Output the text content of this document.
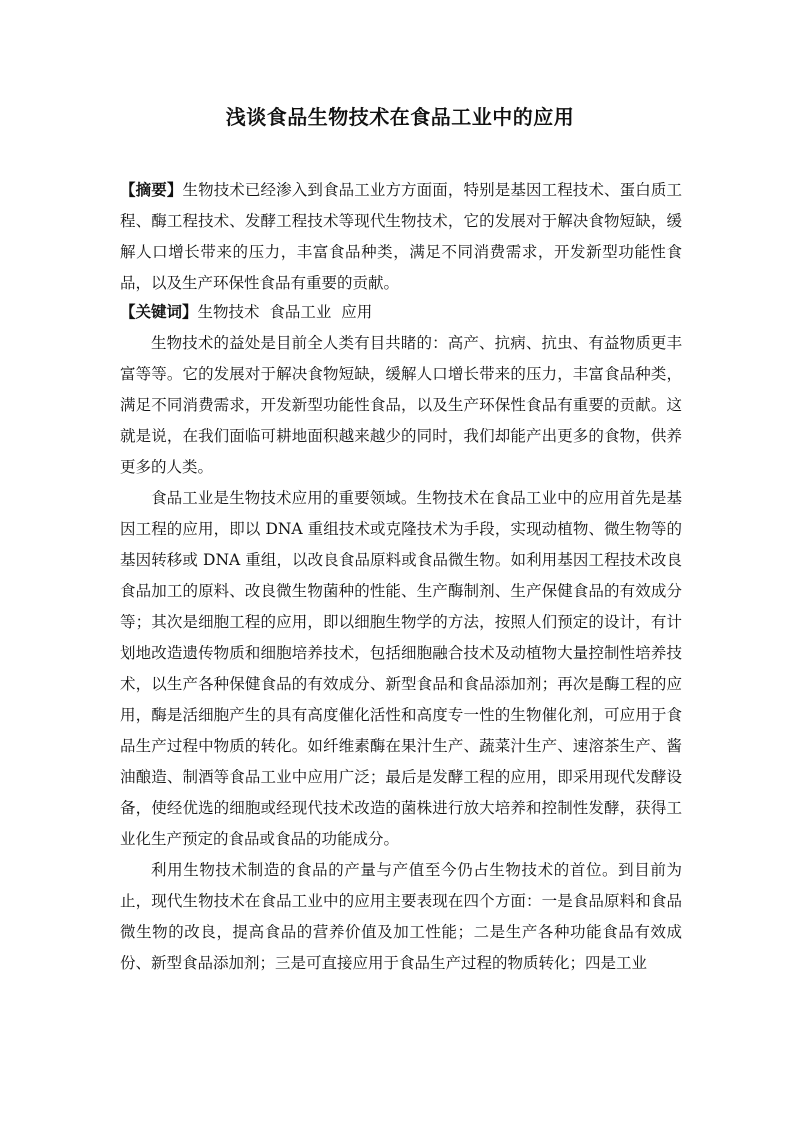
浅谈食品生物技术在食品工业中的应用
【摘要】生物技术已经渗入到食品工业方方面面，特别是基因工程技术、蛋白质工程、酶工程技术、发酵工程技术等现代生物技术，它的发展对于解决食物短缺，缓解人口增长带来的压力，丰富食品种类，满足不同消费需求，开发新型功能性食品，以及生产环保性食品有重要的贡献。
【关键词】生物技术  食品工业  应用

生物技术的益处是目前全人类有目共睹的：高产、抗病、抗虫、有益物质更丰富等等。它的发展对于解决食物短缺，缓解人口增长带来的压力，丰富食品种类，满足不同消费需求，开发新型功能性食品，以及生产环保性食品有重要的贡献。这就是说，在我们面临可耕地面积越来越少的同时，我们却能产出更多的食物，供养更多的人类。

食品工业是生物技术应用的重要领域。生物技术在食品工业中的应用首先是基因工程的应用，即以 DNA 重组技术或克隆技术为手段，实现动植物、微生物等的基因转移或 DNA 重组，以改良食品原料或食品微生物。如利用基因工程技术改良食品加工的原料、改良微生物菌种的性能、生产酶制剂、生产保健食品的有效成分等；其次是细胞工程的应用，即以细胞生物学的方法，按照人们预定的设计，有计划地改造遗传物质和细胞培养技术，包括细胞融合技术及动植物大量控制性培养技术，以生产各种保健食品的有效成分、新型食品和食品添加剂；再次是酶工程的应用，酶是活细胞产生的具有高度催化活性和高度专一性的生物催化剂，可应用于食品生产过程中物质的转化。如纤维素酶在果汁生产、蔬菜汁生产、速溶茶生产、酱油酿造、制酒等食品工业中应用广泛；最后是发酵工程的应用，即采用现代发酵设备，使经优选的细胞或经现代技术改造的菌株进行放大培养和控制性发酵，获得工业化生产预定的食品或食品的功能成分。

利用生物技术制造的食品的产量与产值至今仍占生物技术的首位。到目前为止，现代生物技术在食品工业中的应用主要表现在四个方面：一是食品原料和食品微生物的改良，提高食品的营养价值及加工性能；二是生产各种功能食品有效成份、新型食品添加剂；三是可直接应用于食品生产过程的物质转化；四是工业
